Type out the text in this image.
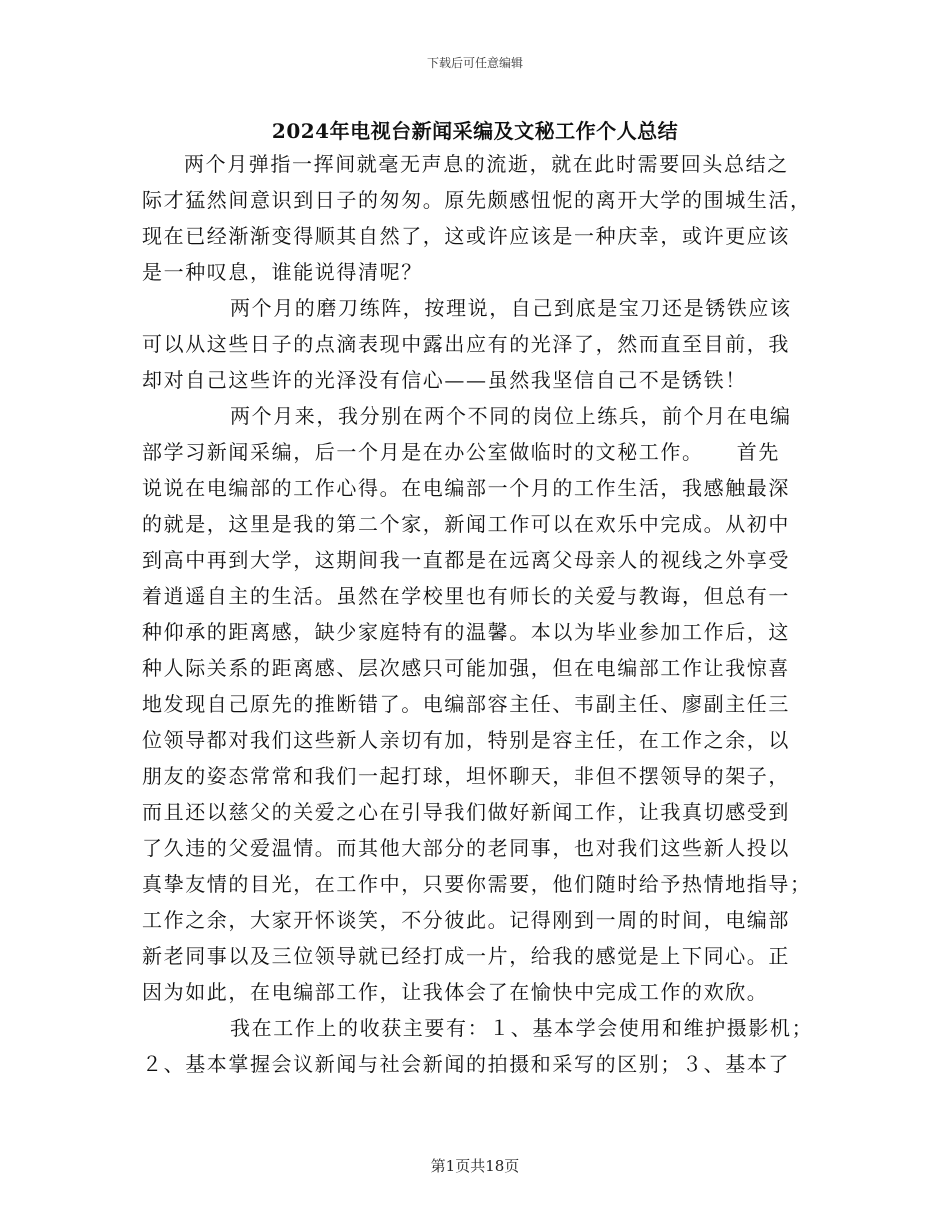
下载后可任意编辑
2024年电视台新闻采编及文秘工作个人总结
两个月弹指一挥间就毫无声息的流逝，就在此时需要回头总结之
际才猛然间意识到日子的匆匆。原先颇感忸怩的离开大学的围城生活，
现在已经渐渐变得顺其自然了，这或许应该是一种庆幸，或许更应该
是一种叹息，谁能说得清呢？
两个月的磨刀练阵，按理说，自己到底是宝刀还是锈铁应该
可以从这些日子的点滴表现中露出应有的光泽了，然而直至目前，我
却对自己这些许的光泽没有信心——虽然我坚信自己不是锈铁！
两个月来，我分别在两个不同的岗位上练兵，前个月在电编
部学习新闻采编，后一个月是在办公室做临时的文秘工作。　　首先
说说在电编部的工作心得。在电编部一个月的工作生活，我感触最深
的就是，这里是我的第二个家，新闻工作可以在欢乐中完成。从初中
到高中再到大学，这期间我一直都是在远离父母亲人的视线之外享受
着逍遥自主的生活。虽然在学校里也有师长的关爱与教诲，但总有一
种仰承的距离感，缺少家庭特有的温馨。本以为毕业参加工作后，这
种人际关系的距离感、层次感只可能加强，但在电编部工作让我惊喜
地发现自己原先的推断错了。电编部容主任、韦副主任、廖副主任三
位领导都对我们这些新人亲切有加，特别是容主任，在工作之余，以
朋友的姿态常常和我们一起打球，坦怀聊天，非但不摆领导的架子，
而且还以慈父的关爱之心在引导我们做好新闻工作，让我真切感受到
了久违的父爱温情。而其他大部分的老同事，也对我们这些新人投以
真挚友情的目光，在工作中，只要你需要，他们随时给予热情地指导；
工作之余，大家开怀谈笑，不分彼此。记得刚到一周的时间，电编部
新老同事以及三位领导就已经打成一片，给我的感觉是上下同心。正
因为如此，在电编部工作，让我体会了在愉快中完成工作的欢欣。
我在工作上的收获主要有：１、基本学会使用和维护摄影机；
２、基本掌握会议新闻与社会新闻的拍摄和采写的区别；３、基本了
第1页共18页
